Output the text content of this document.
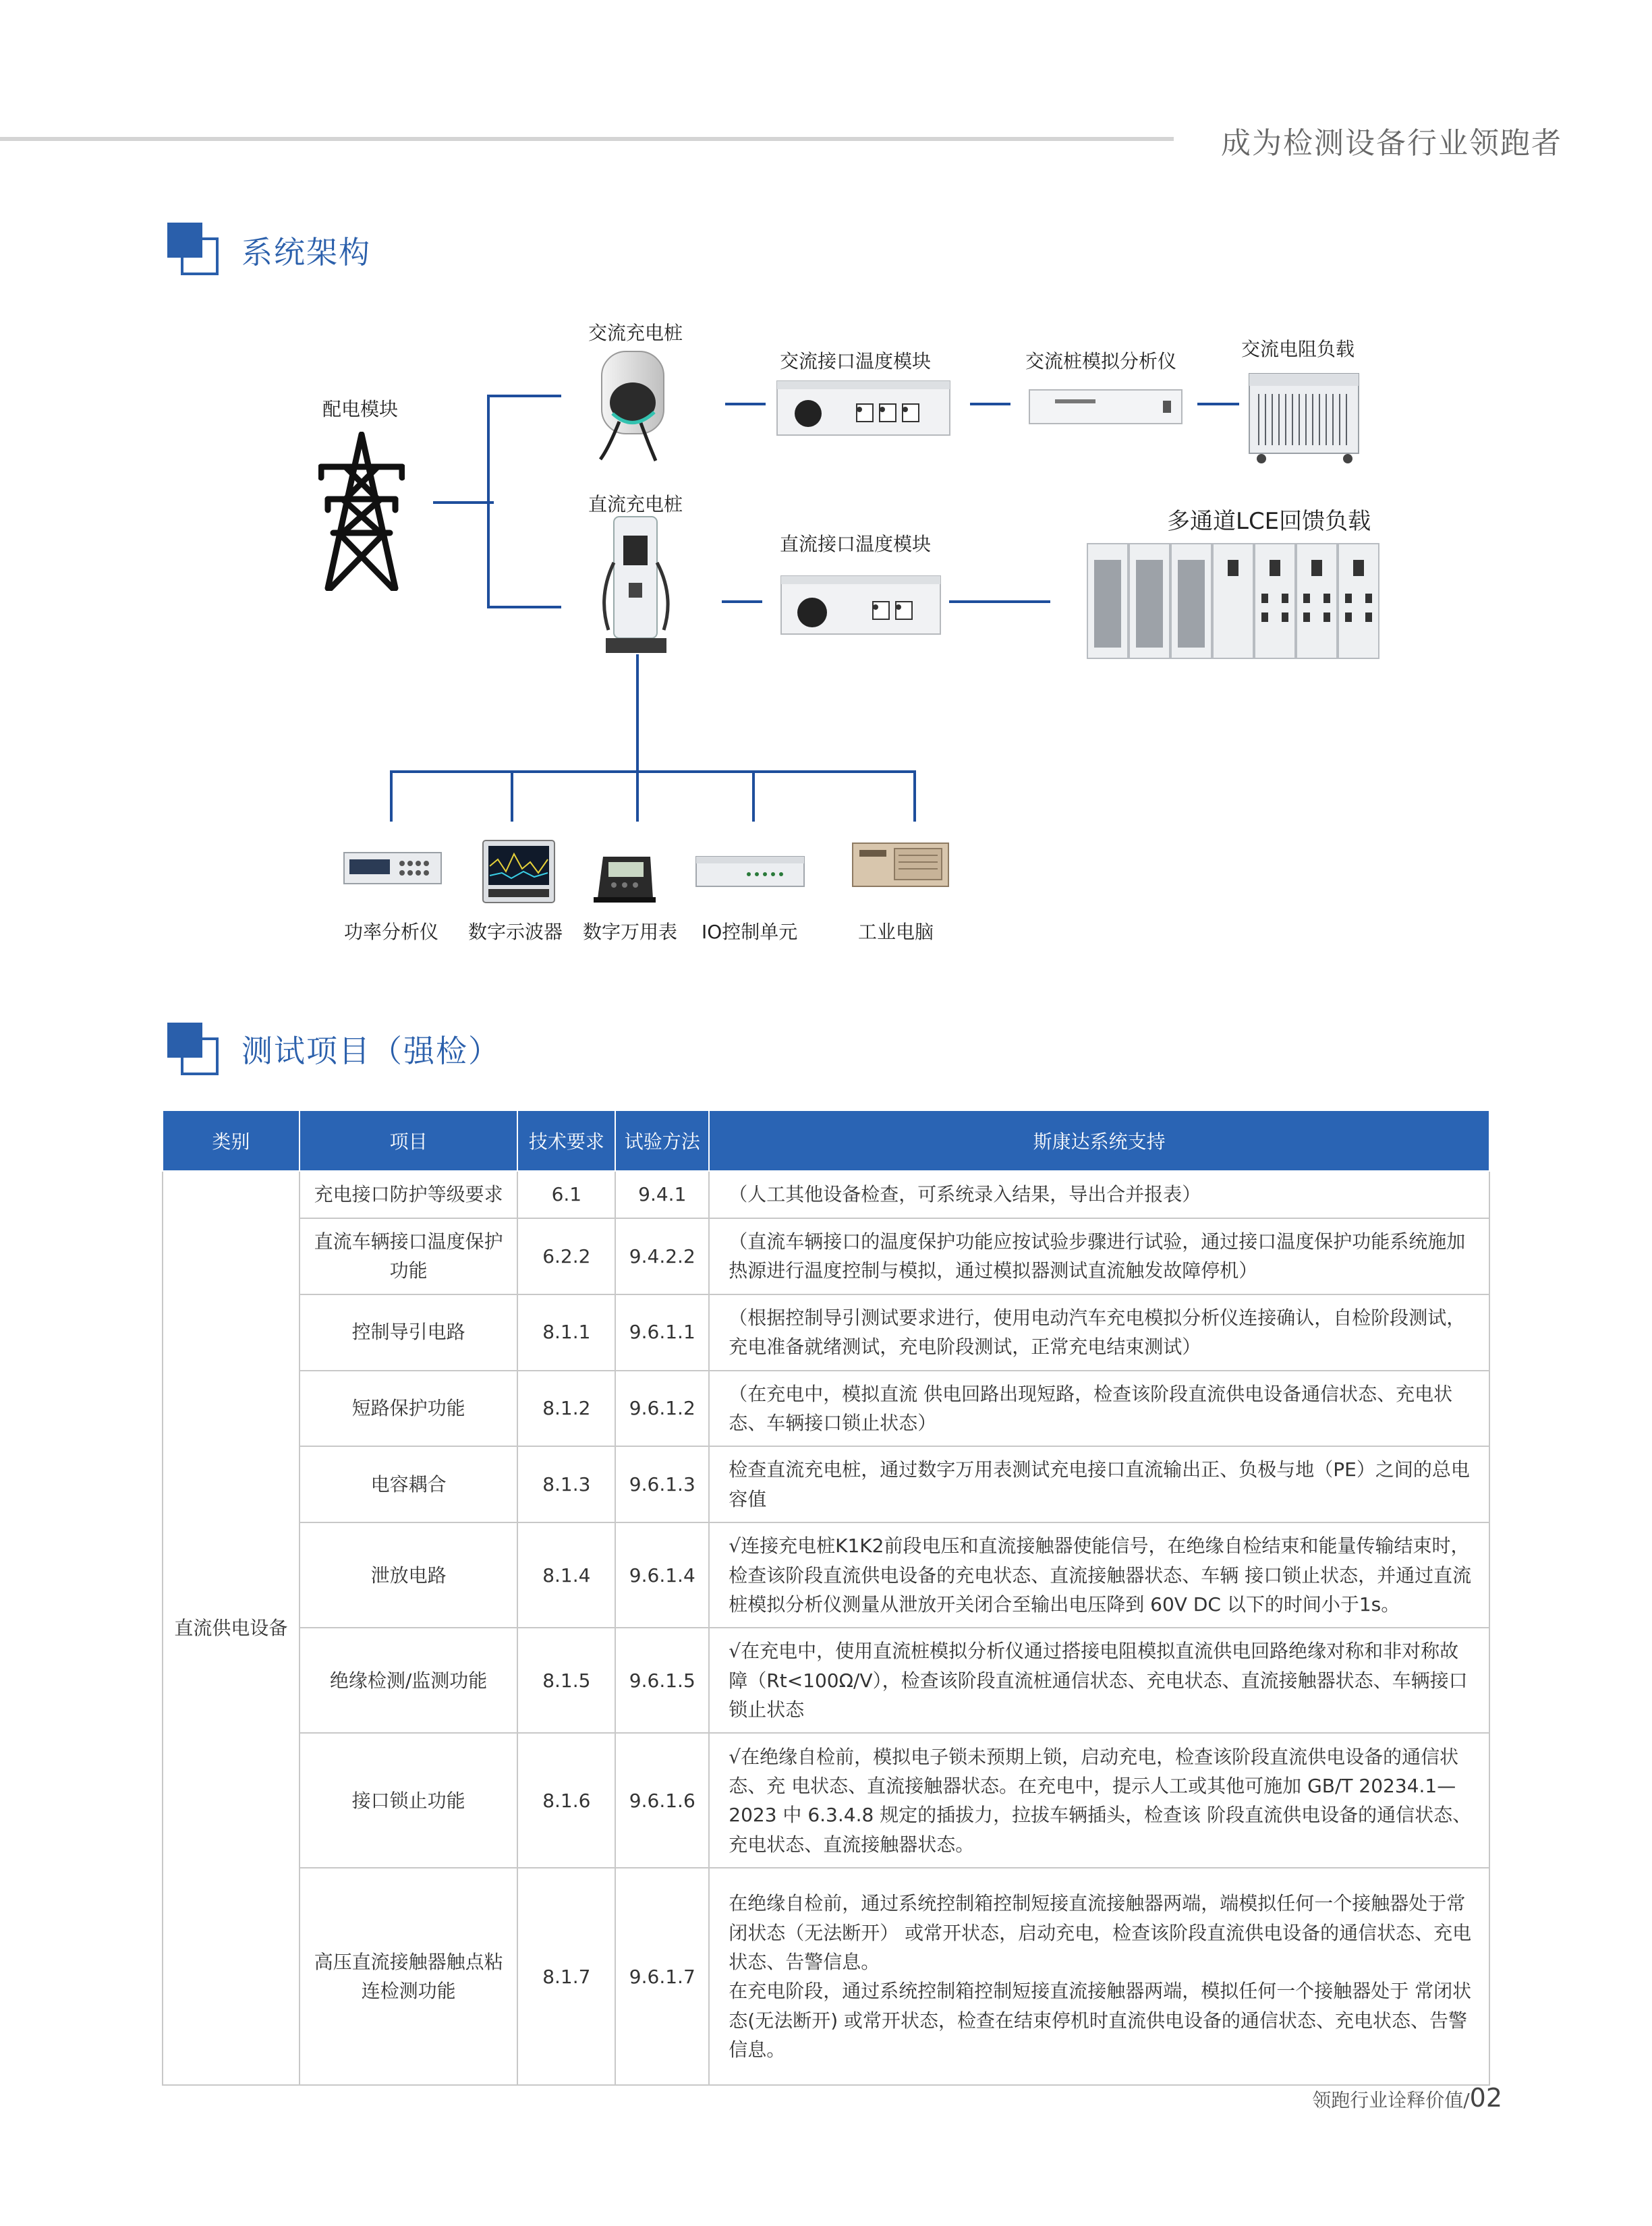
成为检测设备行业领跑者
系统架构
配电模块
交流充电桩
直流充电桩
交流接口温度模块	交流桩模拟分析仪
交流电阻负载
直流接口温度模块
多通道LCE回馈负载
功率分析仪 数字示波器 数字万用表 IO控制单元	工业电脑
测试项目（强检）
类别	项目	技术要求	试验方法	斯康达系统支持
直流供电设备	充电接口防护等级要求	6.1	9.4.1	（人工其他设备检查，可系统录入结果，导出合并报表）
	直流车辆接口温度保护功能	6.2.2	9.4.2.2	（直流车辆接口的温度保护功能应按试验步骤进行试验，通过接口温度保护功能系统施加热源进行温度控制与模拟，通过模拟器测试直流触发故障停机）
	控制导引电路	8.1.1	9.6.1.1	（根据控制导引测试要求进行，使用电动汽车充电模拟分析仪连接确认，自检阶段测试，充电准备就绪测试，充电阶段测试，正常充电结束测试）
	短路保护功能	8.1.2	9.6.1.2	（在充电中，模拟直流 供电回路出现短路，检查该阶段直流供电设备通信状态、充电状态、车辆接口锁止状态）
	电容耦合	8.1.3	9.6.1.3	检查直流充电桩，通过数字万用表测试充电接口直流输出正、负极与地（PE）之间的总电容值
	泄放电路	8.1.4	9.6.1.4	√连接充电桩K1K2前段电压和直流接触器使能信号，在绝缘自检结束和能量传输结束时，检查该阶段直流供电设备的充电状态、直流接触器状态、车辆 接口锁止状态，并通过直流桩模拟分析仪测量从泄放开关闭合至输出电压降到 60V DC 以下的时间小于1s。
	绝缘检测/监测功能	8.1.5	9.6.1.5	√在充电中，使用直流桩模拟分析仪通过搭接电阻模拟直流供电回路绝缘对称和非对称故障（Rt<100Ω/V），检查该阶段直流桩通信状态、充电状态、直流接触器状态、车辆接口锁止状态
	接口锁止功能	8.1.6	9.6.1.6	√在绝缘自检前，模拟电子锁未预期上锁，启动充电，检查该阶段直流供电设备的通信状态、充 电状态、直流接触器状态。在充电中，提示人工或其他可施加 GB/T 20234.1—2023 中 6.3.4.8 规定的插拔力，拉拔车辆插头，检查该 阶段直流供电设备的通信状态、充电状态、直流接触器状态。
	高压直流接触器触点粘连检测功能	8.1.7	9.6.1.7	在绝缘自检前，通过系统控制箱控制短接直流接触器两端，端模拟任何一个接触器处于常闭状态（无法断开） 或常开状态，启动充电，检查该阶段直流供电设备的通信状态、充电状态、告警信息。
在充电阶段，通过系统控制箱控制短接直流接触器两端，模拟任何一个接触器处于 常闭状态(无法断开) 或常开状态，检查在结束停机时直流供电设备的通信状态、充电状态、告警信息。
领跑行业诠释价值/02
